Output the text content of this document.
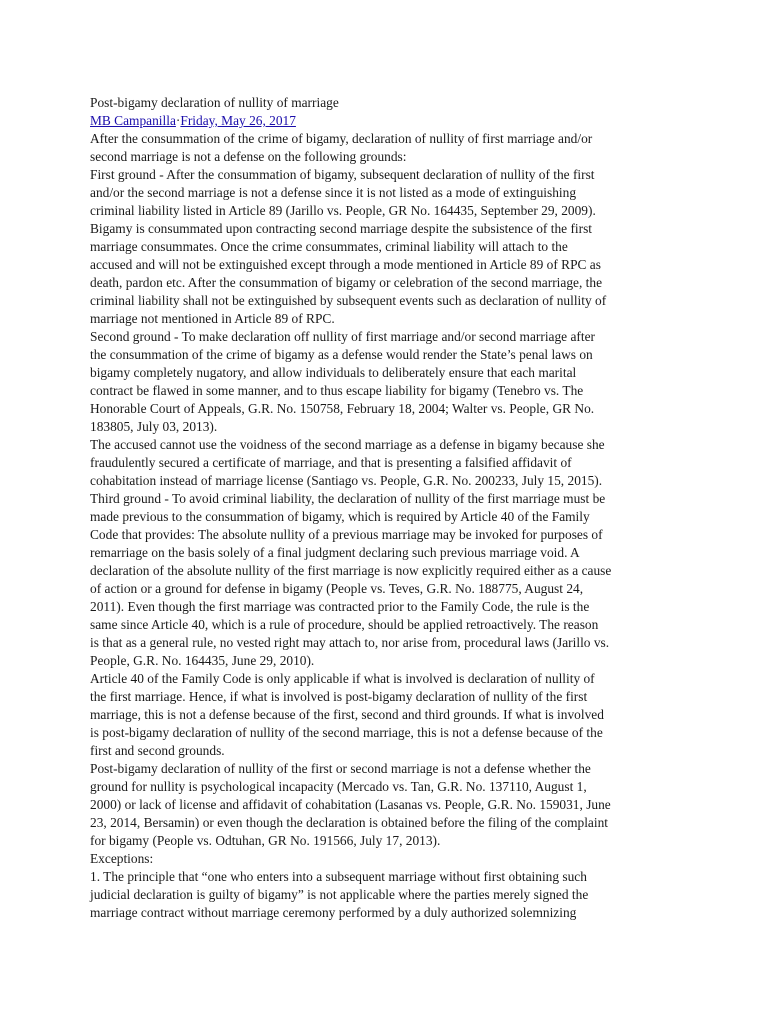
Post-bigamy declaration of nullity of marriage
MB Campanilla·Friday, May 26, 2017
After the consummation of the crime of bigamy, declaration of nullity of first marriage and/or
second marriage is not a defense on the following grounds:
First ground - After the consummation of bigamy, subsequent declaration of nullity of the first
and/or the second marriage is not a defense since it is not listed as a mode of extinguishing
criminal liability listed in Article 89 (Jarillo vs. People, GR No. 164435, September 29, 2009).
Bigamy is consummated upon contracting second marriage despite the subsistence of the first
marriage consummates. Once the crime consummates, criminal liability will attach to the
accused and will not be extinguished except through a mode mentioned in Article 89 of RPC as
death, pardon etc. After the consummation of bigamy or celebration of the second marriage, the
criminal liability shall not be extinguished by subsequent events such as declaration of nullity of
marriage not mentioned in Article 89 of RPC.
Second ground - To make declaration off nullity of first marriage and/or second marriage after
the consummation of the crime of bigamy as a defense would render the State’s penal laws on
bigamy completely nugatory, and allow individuals to deliberately ensure that each marital
contract be flawed in some manner, and to thus escape liability for bigamy (Tenebro vs. The
Honorable Court of Appeals, G.R. No. 150758, February 18, 2004; Walter vs. People, GR No.
183805, July 03, 2013).
The accused cannot use the voidness of the second marriage as a defense in bigamy because she
fraudulently secured a certificate of marriage, and that is presenting a falsified affidavit of
cohabitation instead of marriage license (Santiago vs. People, G.R. No. 200233, July 15, 2015).
Third ground - To avoid criminal liability, the declaration of nullity of the first marriage must be
made previous to the consummation of bigamy, which is required by Article 40 of the Family
Code that provides: The absolute nullity of a previous marriage may be invoked for purposes of
remarriage on the basis solely of a final judgment declaring such previous marriage void. A
declaration of the absolute nullity of the first marriage is now explicitly required either as a cause
of action or a ground for defense in bigamy (People vs. Teves, G.R. No. 188775, August 24,
2011). Even though the first marriage was contracted prior to the Family Code, the rule is the
same since Article 40, which is a rule of procedure, should be applied retroactively. The reason
is that as a general rule, no vested right may attach to, nor arise from, procedural laws (Jarillo vs.
People, G.R. No. 164435, June 29, 2010).
Article 40 of the Family Code is only applicable if what is involved is declaration of nullity of
the first marriage. Hence, if what is involved is post-bigamy declaration of nullity of the first
marriage, this is not a defense because of the first, second and third grounds. If what is involved
is post-bigamy declaration of nullity of the second marriage, this is not a defense because of the
first and second grounds.
Post-bigamy declaration of nullity of the first or second marriage is not a defense whether the
ground for nullity is psychological incapacity (Mercado vs. Tan, G.R. No. 137110, August 1,
2000) or lack of license and affidavit of cohabitation (Lasanas vs. People, G.R. No. 159031, June
23, 2014, Bersamin) or even though the declaration is obtained before the filing of the complaint
for bigamy (People vs. Odtuhan, GR No. 191566, July 17, 2013).
Exceptions:
1. The principle that “one who enters into a subsequent marriage without first obtaining such
judicial declaration is guilty of bigamy” is not applicable where the parties merely signed the
marriage contract without marriage ceremony performed by a duly authorized solemnizing
